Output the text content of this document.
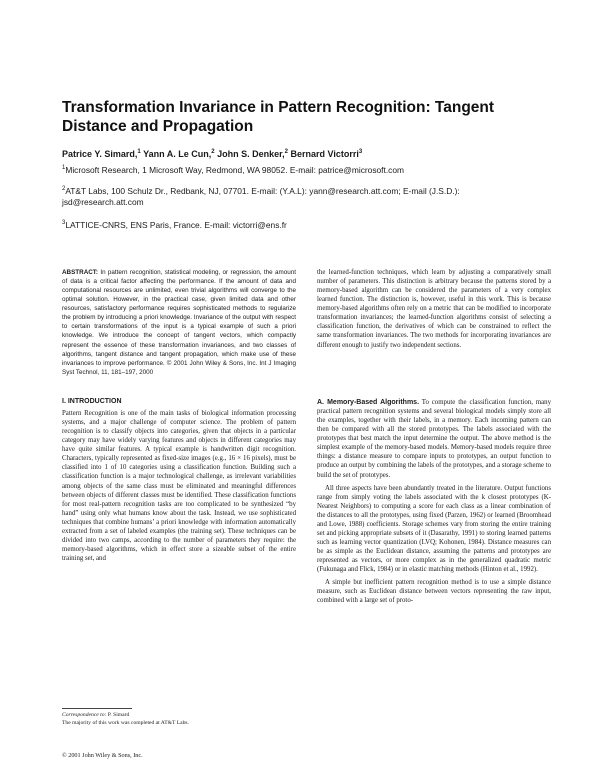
Transformation Invariance in Pattern Recognition: Tangent Distance and Propagation
Patrice Y. Simard,$^1$ Yann A. Le Cun,$^2$ John S. Denker,$^2$ Bernard Victorri$^3$
$^1$Microsoft Research, 1 Microsoft Way, Redmond, WA 98052. E-mail: patrice@microsoft.com
$^2$AT&T Labs, 100 Schulz Dr., Redbank, NJ, 07701. E-mail: (Y.A.L): yann@research.att.com; E-mail (J.S.D.): jsd@research.att.com
$^3$LATTICE-CNRS, ENS Paris, France. E-mail: victorri@ens.fr

ABSTRACT: In pattern recognition, statistical modeling, or regression, the amount of data is a critical factor affecting the performance. If the amount of data and computational resources are unlimited, even trivial algorithms will converge to the optimal solution. However, in the practical case, given limited data and other resources, satisfactory performance requires sophisticated methods to regularize the problem by introducing a priori knowledge. Invariance of the output with respect to certain transformations of the input is a typical example of such a priori knowledge. We introduce the concept of tangent vectors, which compactly represent the essence of these transformation invariances, and two classes of algorithms, tangent distance and tangent propagation, which make use of these invariances to improve performance. © 2001 John Wiley & Sons, Inc. Int J Imaging Syst Technol, 11, 181–197, 2000

I. INTRODUCTION

Pattern Recognition is one of the main tasks of biological information processing systems, and a major challenge of computer science. The problem of pattern recognition is to classify objects into categories, given that objects in a particular category may have widely varying features and objects in different categories may have quite similar features. A typical example is handwritten digit recognition. Characters, typically represented as fixed-size images (e.g., 16 × 16 pixels), must be classified into 1 of 10 categories using a classification function. Building such a classification function is a major technological challenge, as irrelevant variabilities among objects of the same class must be eliminated and meaningful differences between objects of different classes must be identified. These classification functions for most real-pattern recognition tasks are too complicated to be synthesized “by hand” using only what humans know about the task. Instead, we use sophisticated techniques that combine humans’ a priori knowledge with information automatically extracted from a set of labeled examples (the training set). These techniques can be divided into two camps, according to the number of parameters they require: the memory-based algorithms, which in effect store a sizeable subset of the entire training set, and

Correspondence to: P. Simard
The majority of this work was completed at AT&T Labs.
© 2001 John Wiley & Sons, Inc.

the learned-function techniques, which learn by adjusting a comparatively small number of parameters. This distinction is arbitrary because the patterns stored by a memory-based algorithm can be considered the parameters of a very complex learned function. The distinction is, however, useful in this work. This is because memory-based algorithms often rely on a metric that can be modified to incorporate transformation invariances; the learned-function algorithms consist of selecting a classification function, the derivatives of which can be constrained to reflect the same transformation invariances. The two methods for incorporating invariances are different enough to justify two independent sections.

A. Memory-Based Algorithms. To compute the classification function, many practical pattern recognition systems and several biological models simply store all the examples, together with their labels, in a memory. Each incoming pattern can then be compared with all the stored prototypes. The labels associated with the prototypes that best match the input determine the output. The above method is the simplest example of the memory-based models. Memory-based models require three things: a distance measure to compare inputs to prototypes, an output function to produce an output by combining the labels of the prototypes, and a storage scheme to build the set of prototypes.

All three aspects have been abundantly treated in the literature. Output functions range from simply voting the labels associated with the k closest prototypes (K-Nearest Neighbors) to computing a score for each class as a linear combination of the distances to all the prototypes, using fixed (Parzen, 1962) or learned (Broomhead and Lowe, 1988) coefficients. Storage schemes vary from storing the entire training set and picking appropriate subsets of it (Dasarathy, 1991) to storing learned patterns such as learning vector quantization (LVQ; Kohonen, 1984). Distance measures can be as simple as the Euclidean distance, assuming the patterns and prototypes are represented as vectors, or more complex as in the generalized quadratic metric (Fukunaga and Flick, 1984) or in elastic matching methods (Hinton et al., 1992).

A simple but inefficient pattern recognition method is to use a simple distance measure, such as Euclidean distance between vectors representing the raw input, combined with a large set of proto-
